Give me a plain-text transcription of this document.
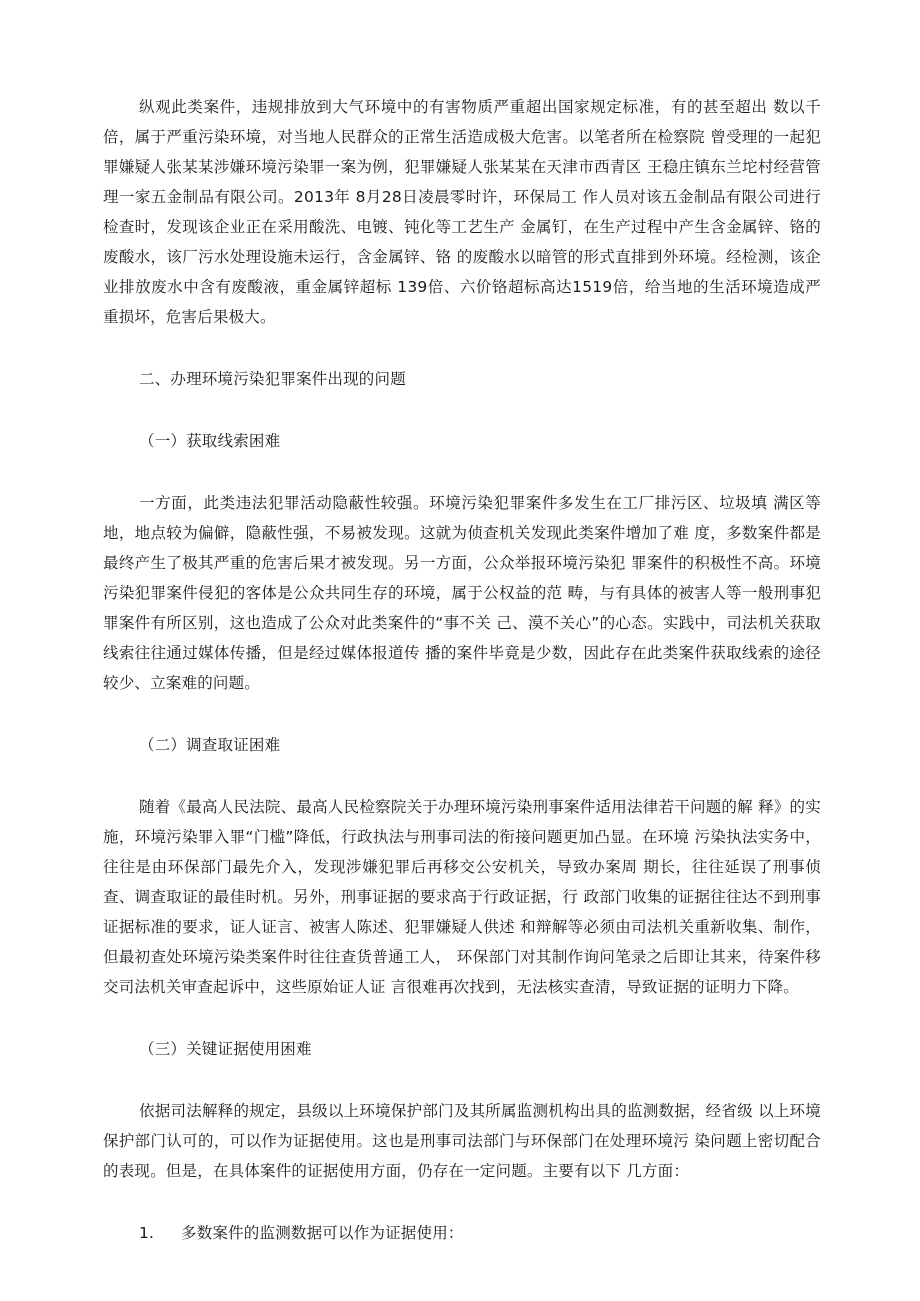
纵观此类案件，违规排放到大气环境中的有害物质严重超出国家规定标准，有的甚至超出 数以千倍，属于严重污染环境，对当地人民群众的正常生活造成极大危害。以笔者所在检察院 曾受理的一起犯罪嫌疑人张某某涉嫌环境污染罪一案为例，犯罪嫌疑人张某某在天津市西青区 王稳庄镇东兰坨村经营管理一家五金制品有限公司。2013年 8月28日凌晨零时许，环保局工 作人员对该五金制品有限公司进行检查时，发现该企业正在采用酸洗、电镀、钝化等工艺生产 金属钉，在生产过程中产生含金属锌、铬的废酸水，该厂污水处理设施未运行，含金属锌、铬 的废酸水以暗管的形式直排到外环境。经检测，该企业排放废水中含有废酸液，重金属锌超标 139倍、六价铬超标高达1519倍，给当地的生活环境造成严重损坏，危害后果极大。

二、办理环境污染犯罪案件出现的问题

（一）获取线索困难

一方面，此类违法犯罪活动隐蔽性较强。环境污染犯罪案件多发生在工厂排污区、垃圾填 满区等地，地点较为偏僻，隐蔽性强，不易被发现。这就为侦查机关发现此类案件增加了难 度，多数案件都是最终产生了极其严重的危害后果才被发现。另一方面，公众举报环境污染犯 罪案件的积极性不高。环境污染犯罪案件侵犯的客体是公众共同生存的环境，属于公权益的范 畴，与有具体的被害人等一般刑事犯罪案件有所区别，这也造成了公众对此类案件的“事不关 己、漠不关心”的心态。实践中，司法机关获取线索往往通过媒体传播，但是经过媒体报道传 播的案件毕竟是少数，因此存在此类案件获取线索的途径较少、立案难的问题。

（二）调查取证困难

随着《最高人民法院、最高人民检察院关于办理环境污染刑事案件适用法律若干问题的解 释》的实施，环境污染罪入罪“门槛”降低，行政执法与刑事司法的衔接问题更加凸显。在环境 污染执法实务中，往往是由环保部门最先介入，发现涉嫌犯罪后再移交公安机关，导致办案周 期长，往往延误了刑事侦查、调查取证的最佳时机。另外，刑事证据的要求高于行政证据，行 政部门收集的证据往往达不到刑事证据标准的要求，证人证言、被害人陈述、犯罪嫌疑人供述 和辩解等必须由司法机关重新收集、制作，但最初查处环境污染类案件时往往查货普通工人， 环保部门对其制作询问笔录之后即让其来，待案件移交司法机关审查起诉中，这些原始证人证 言很难再次找到，无法核实查清，导致证据的证明力下降。

（三）关键证据使用困难

依据司法解释的规定，县级以上环境保护部门及其所属监测机构出具的监测数据，经省级 以上环境保护部门认可的，可以作为证据使用。这也是刑事司法部门与环保部门在处理环境污 染问题上密切配合的表现。但是，在具体案件的证据使用方面，仍存在一定问题。主要有以下 几方面：

1.	多数案件的监测数据可以作为证据使用：
